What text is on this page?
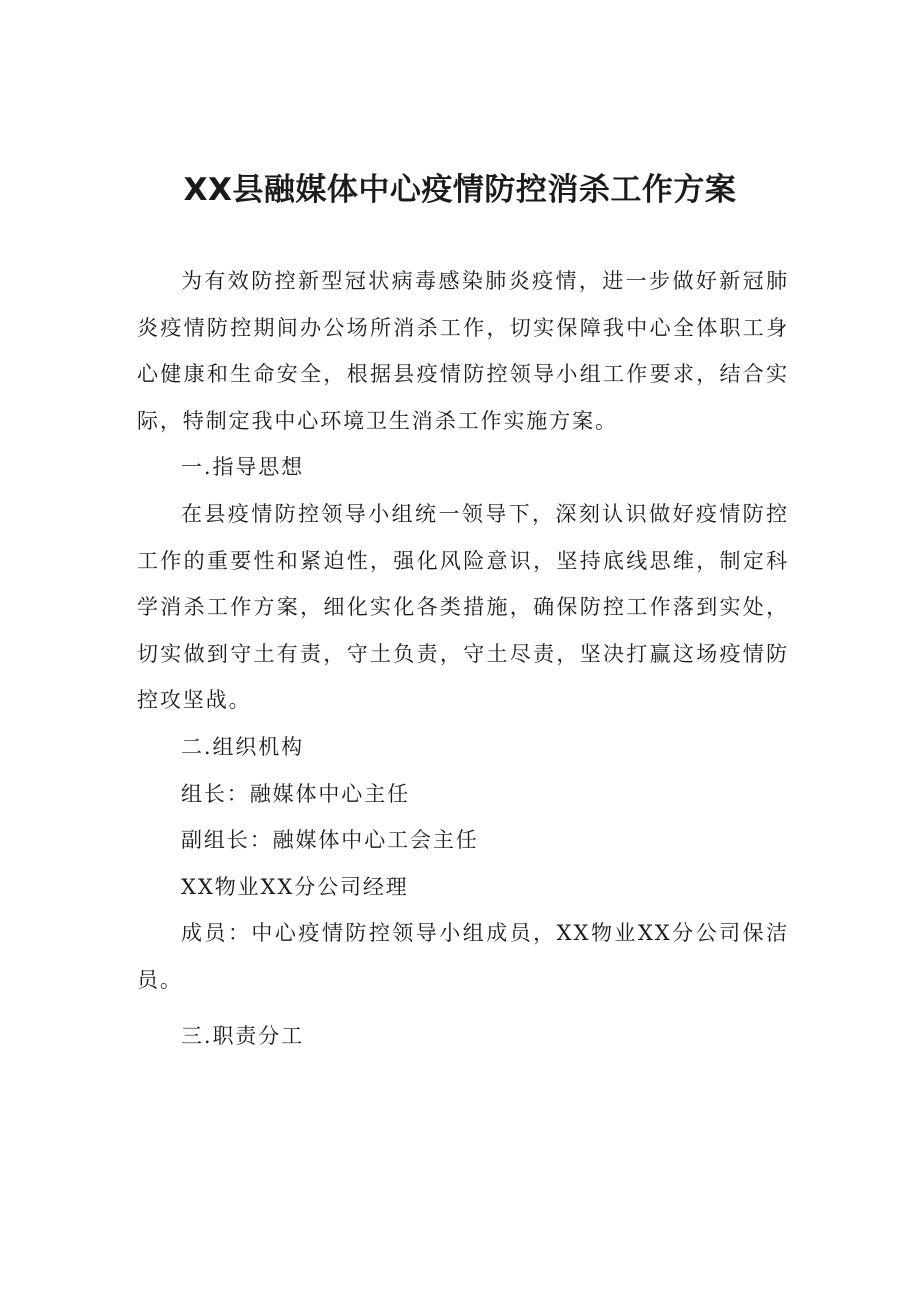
XX县融媒体中心疫情防控消杀工作方案

为有效防控新型冠状病毒感染肺炎疫情，进一步做好新冠肺炎疫情防控期间办公场所消杀工作，切实保障我中心全体职工身心健康和生命安全，根据县疫情防控领导小组工作要求，结合实际，特制定我中心环境卫生消杀工作实施方案。

一.指导思想

在县疫情防控领导小组统一领导下，深刻认识做好疫情防控工作的重要性和紧迫性，强化风险意识，坚持底线思维，制定科学消杀工作方案，细化实化各类措施，确保防控工作落到实处，切实做到守土有责，守土负责，守土尽责，坚决打赢这场疫情防控攻坚战。

二.组织机构

组长：融媒体中心主任

副组长：融媒体中心工会主任

XX物业XX分公司经理

成员：中心疫情防控领导小组成员，XX物业XX分公司保洁员。

三.职责分工
